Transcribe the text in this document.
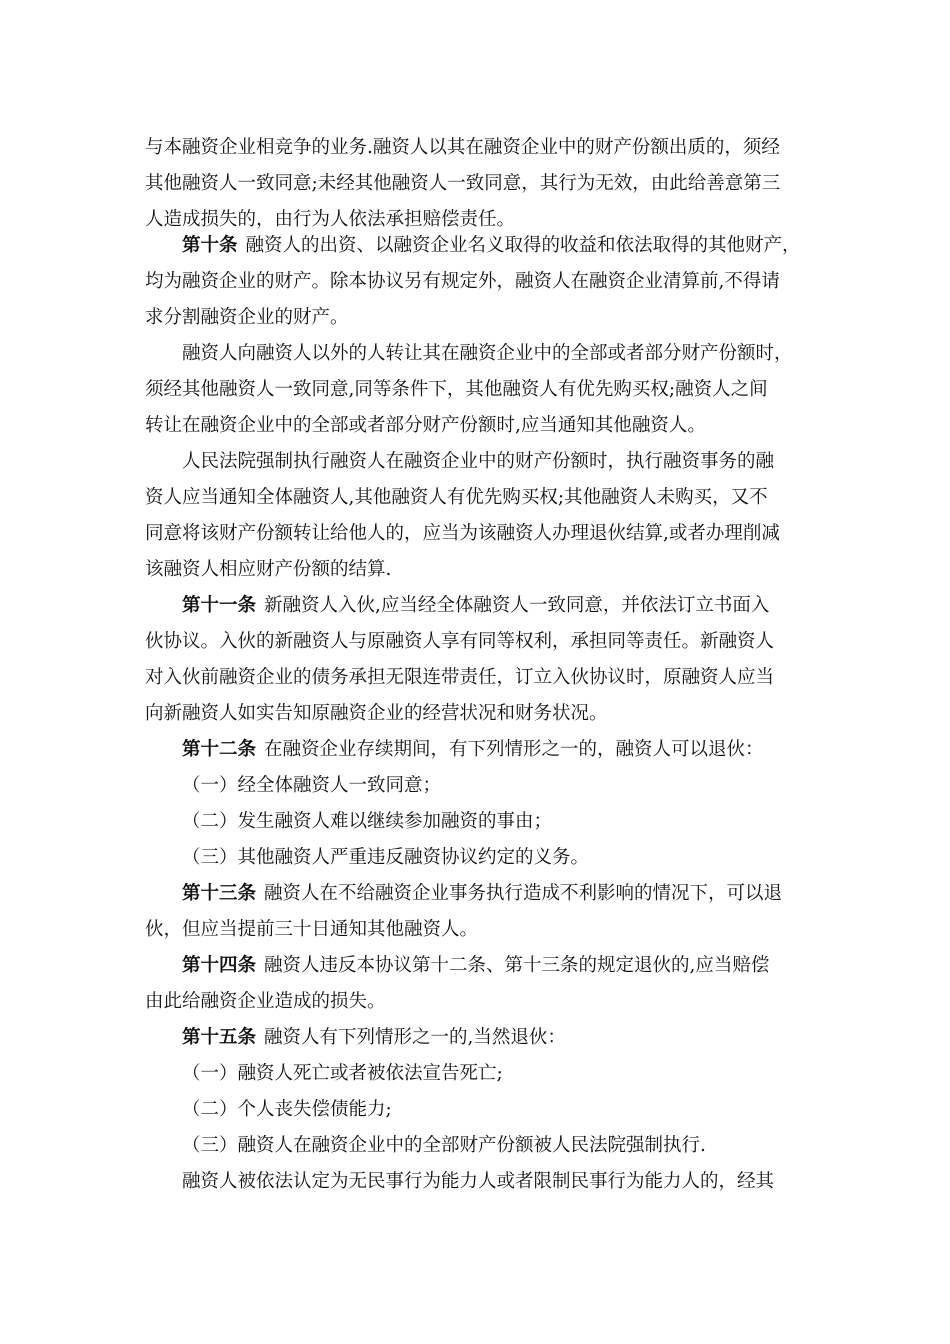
与本融资企业相竞争的业务.融资人以其在融资企业中的财产份额出质的，须经
其他融资人一致同意;未经其他融资人一致同意，其行为无效，由此给善意第三
人造成损失的，由行为人依法承担赔偿责任。
第十条 融资人的出资、以融资企业名义取得的收益和依法取得的其他财产，
均为融资企业的财产。除本协议另有规定外，融资人在融资企业清算前,不得请
求分割融资企业的财产。
融资人向融资人以外的人转让其在融资企业中的全部或者部分财产份额时，
须经其他融资人一致同意,同等条件下，其他融资人有优先购买权;融资人之间
转让在融资企业中的全部或者部分财产份额时,应当通知其他融资人。
人民法院强制执行融资人在融资企业中的财产份额时，执行融资事务的融
资人应当通知全体融资人,其他融资人有优先购买权;其他融资人未购买，又不
同意将该财产份额转让给他人的，应当为该融资人办理退伙结算,或者办理削减
该融资人相应财产份额的结算.
第十一条 新融资人入伙,应当经全体融资人一致同意，并依法订立书面入
伙协议。入伙的新融资人与原融资人享有同等权利，承担同等责任。新融资人
对入伙前融资企业的债务承担无限连带责任，订立入伙协议时，原融资人应当
向新融资人如实告知原融资企业的经营状况和财务状况。
第十二条 在融资企业存续期间，有下列情形之一的，融资人可以退伙：
（一）经全体融资人一致同意；
（二）发生融资人难以继续参加融资的事由；
（三）其他融资人严重违反融资协议约定的义务。
第十三条 融资人在不给融资企业事务执行造成不利影响的情况下，可以退
伙，但应当提前三十日通知其他融资人。
第十四条 融资人违反本协议第十二条、第十三条的规定退伙的,应当赔偿
由此给融资企业造成的损失。
第十五条 融资人有下列情形之一的,当然退伙：
（一）融资人死亡或者被依法宣告死亡;
（二）个人丧失偿债能力;
（三）融资人在融资企业中的全部财产份额被人民法院强制执行.
融资人被依法认定为无民事行为能力人或者限制民事行为能力人的，经其
